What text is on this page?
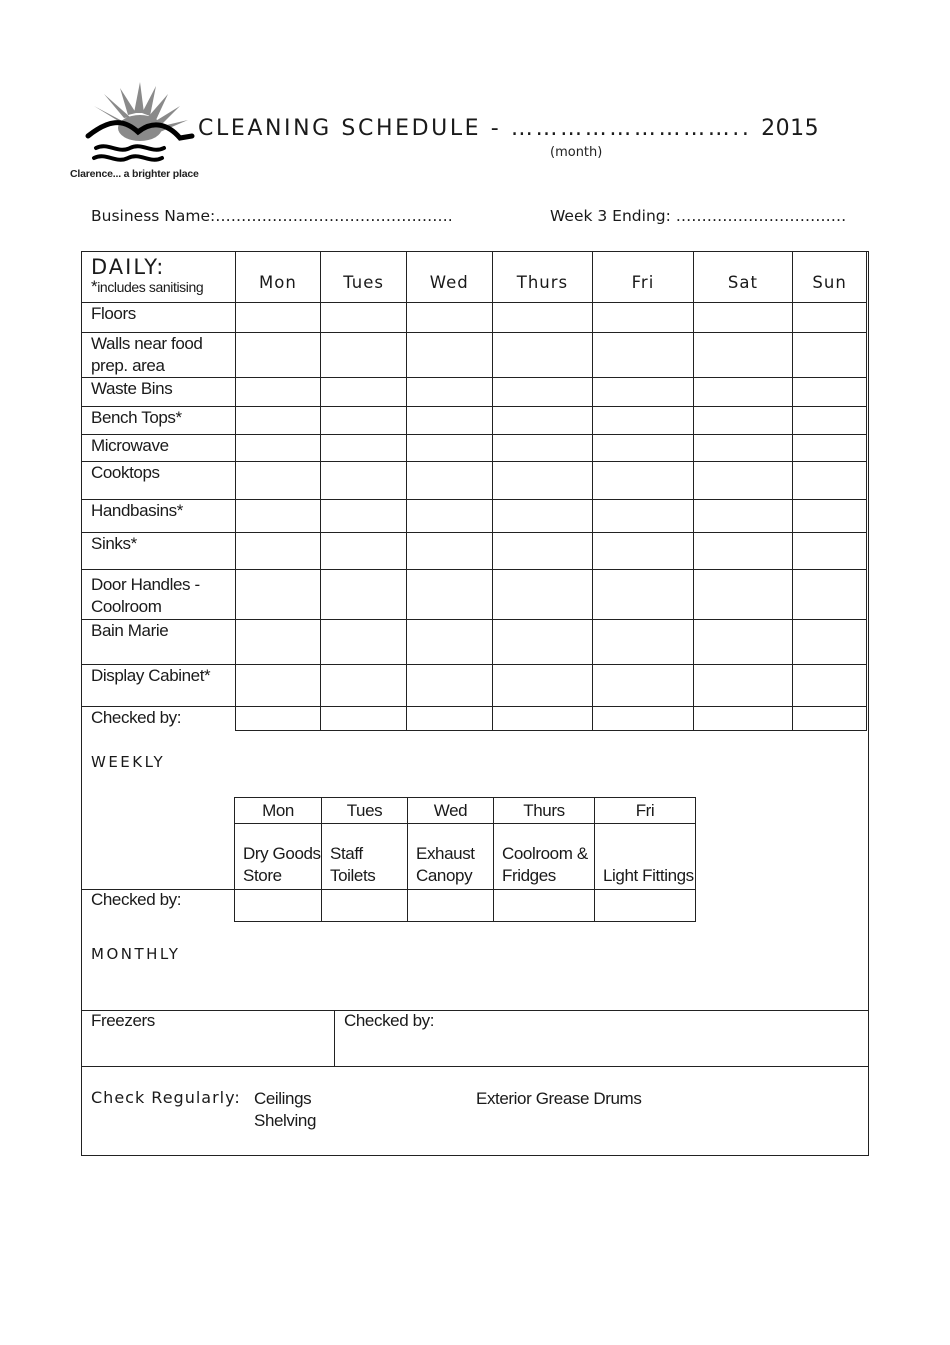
Clarence... a brighter place
CLEANING SCHEDULE - ……………………….. 2015
(month)
Business Name:……………………………………….	Week 3 Ending: ……………………………
DAILY:
*includes sanitising	Mon	Tues	Wed	Thurs	Fri	Sat	Sun
Floors							
Walls near food prep. area							
Waste Bins							
Bench Tops*							
Microwave							
Cooktops							
Handbasins*							
Sinks*							
Door Handles - Coolroom							
Bain Marie							
Display Cabinet*							
Checked by:							
WEEKLY
Mon	Tues	Wed	Thurs	Fri
Dry Goods Store	Staff Toilets	Exhaust Canopy	Coolroom & Fridges	Light Fittings

Checked by:
MONTHLY
Freezers	Checked by:
Check Regularly: Ceilings
Shelving
Exterior Grease Drums
